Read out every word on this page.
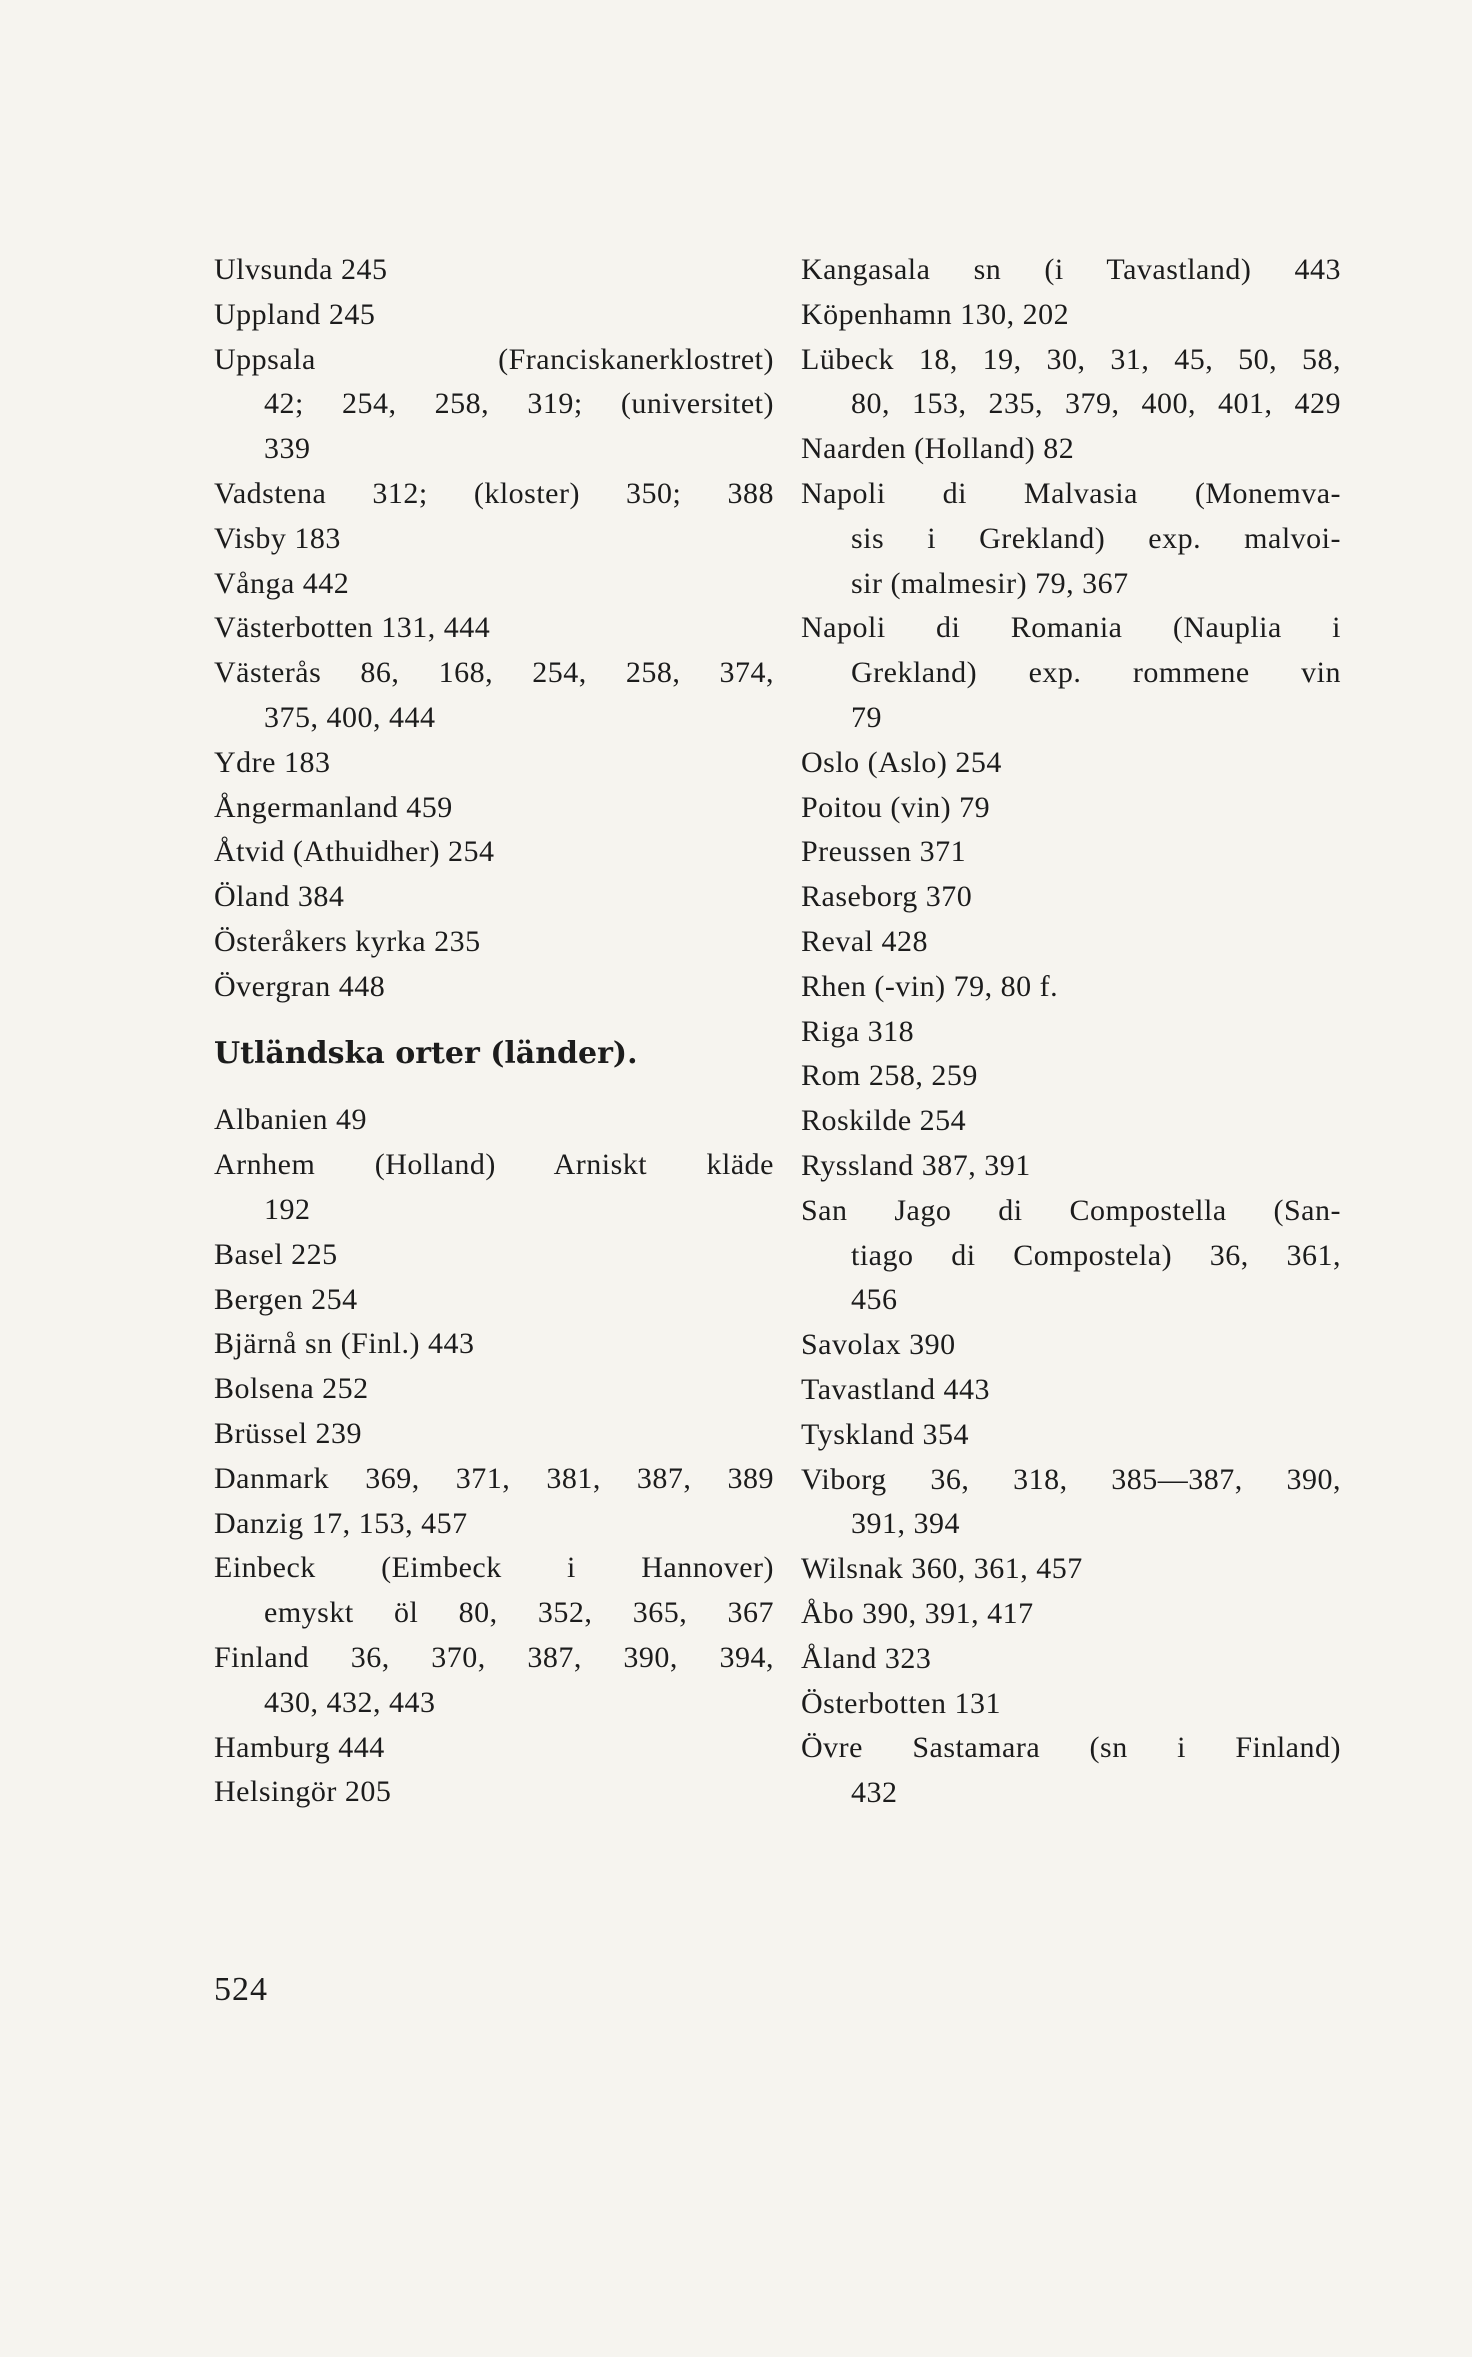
Ulvsunda 245
Uppland 245
Uppsala (Franciskanerklostret)
42; 254, 258, 319; (universitet)
339
Vadstena 312; (kloster) 350; 388
Visby 183
Vånga 442
Västerbotten 131, 444
Västerås 86, 168, 254, 258, 374,
375, 400, 444
Ydre 183
Ångermanland 459
Åtvid (Athuidher) 254
Öland 384
Österåkers kyrka 235
Övergran 448
Utländska orter (länder).
Albanien 49
Arnhem (Holland) Arniskt kläde
192
Basel 225
Bergen 254
Bjärnå sn (Finl.) 443
Bolsena 252
Brüssel 239
Danmark 369, 371, 381, 387, 389
Danzig 17, 153, 457
Einbeck (Eimbeck i Hannover)
emyskt öl 80, 352, 365, 367
Finland 36, 370, 387, 390, 394,
430, 432, 443
Hamburg 444
Helsingör 205
Kangasala sn (i Tavastland) 443
Köpenhamn 130, 202
Lübeck 18, 19, 30, 31, 45, 50, 58,
80, 153, 235, 379, 400, 401, 429
Naarden (Holland) 82
Napoli di Malvasia (Monemva-
sis i Grekland) exp. malvoi-
sir (malmesir) 79, 367
Napoli di Romania (Nauplia i
Grekland) exp. rommene vin
79
Oslo (Aslo) 254
Poitou (vin) 79
Preussen 371
Raseborg 370
Reval 428
Rhen (-vin) 79, 80 f.
Riga 318
Rom 258, 259
Roskilde 254
Ryssland 387, 391
San Jago di Compostella (San-
tiago di Compostela) 36, 361,
456
Savolax 390
Tavastland 443
Tyskland 354
Viborg 36, 318, 385—387, 390,
391, 394
Wilsnak 360, 361, 457
Åbo 390, 391, 417
Åland 323
Österbotten 131
Övre Sastamara (sn i Finland)
432
524
